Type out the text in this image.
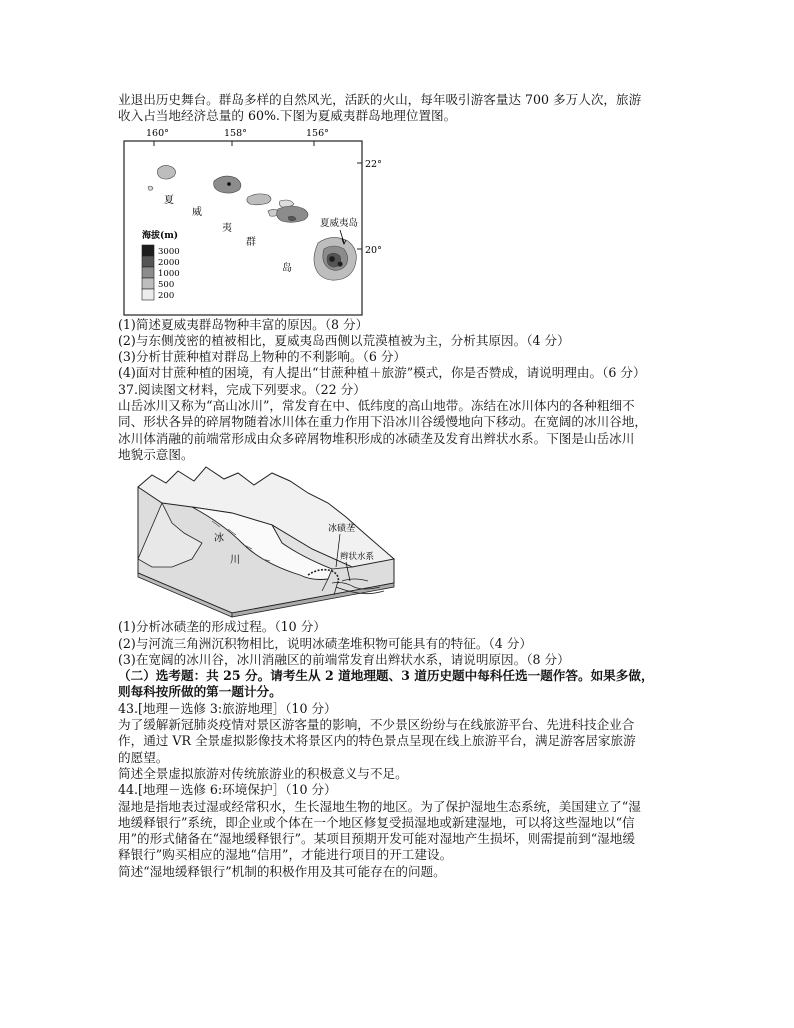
业退出历史舞台。群岛多样的自然风光，活跃的火山，每年吸引游客量达 700 多万人次，旅游

收入占当地经济总量的 60%.下图为夏威夷群岛地理位置图。

160°	158°	156°
22°
20°
夏
威
夷
群
岛
夏威夷岛
海拔(m)
3000
2000
1000
500
200

(1)简述夏威夷群岛物种丰富的原因。（8 分）

(2)与东侧茂密的植被相比，夏威夷岛西侧以荒漠植被为主，分析其原因。（4 分）

(3)分析甘蔗种植对群岛上物种的不利影响。（6 分）

(4)面对甘蔗种植的困境，有人提出“甘蔗种植＋旅游”模式，你是否赞成，请说明理由。（6 分）

37.阅读图文材料，完成下列要求。（22 分）

山岳冰川又称为“高山冰川”，常发育在中、低纬度的高山地带。冻结在冰川体内的各种粗细不

同、形状各异的碎屑物随着冰川体在重力作用下沿冰川谷缓慢地向下移动。在宽阔的冰川谷地，

冰川体消融的前端常形成由众多碎屑物堆积形成的冰碛垄及发育出辫状水系。下图是山岳冰川

地貌示意图。

冰
川
冰碛垄
辫状水系

(1)分析冰碛垄的形成过程。（10 分）

(2)与河流三角洲沉积物相比，说明冰碛垄堆积物可能具有的特征。（4 分）

(3)在宽阔的冰川谷，冰川消融区的前端常发育出辫状水系，请说明原因。（8 分）

（二）选考题：共 25 分。请考生从 2 道地理题、3 道历史题中每科任选一题作答。如果多做，

则每科按所做的第一题计分。

43.[地理－选修 3:旅游地理］（10 分）

为了缓解新冠肺炎疫情对景区游客量的影响，不少景区纷纷与在线旅游平台、先进科技企业合

作，通过 VR 全景虚拟影像技术将景区内的特色景点呈现在线上旅游平台，满足游客居家旅游

的愿望。

简述全景虚拟旅游对传统旅游业的积极意义与不足。

44.[地理－选修 6:环境保护］（10 分）

湿地是指地表过湿或经常积水，生长湿地生物的地区。为了保护湿地生态系统，美国建立了“湿

地缓释银行”系统，即企业或个体在一个地区修复受损湿地或新建湿地，可以将这些湿地以“信

用”的形式储备在“湿地缓释银行”。某项目预期开发可能对湿地产生损坏，则需提前到“湿地缓

释银行”购买相应的湿地“信用”，才能进行项目的开工建设。

简述“湿地缓释银行”机制的积极作用及其可能存在的问题。
